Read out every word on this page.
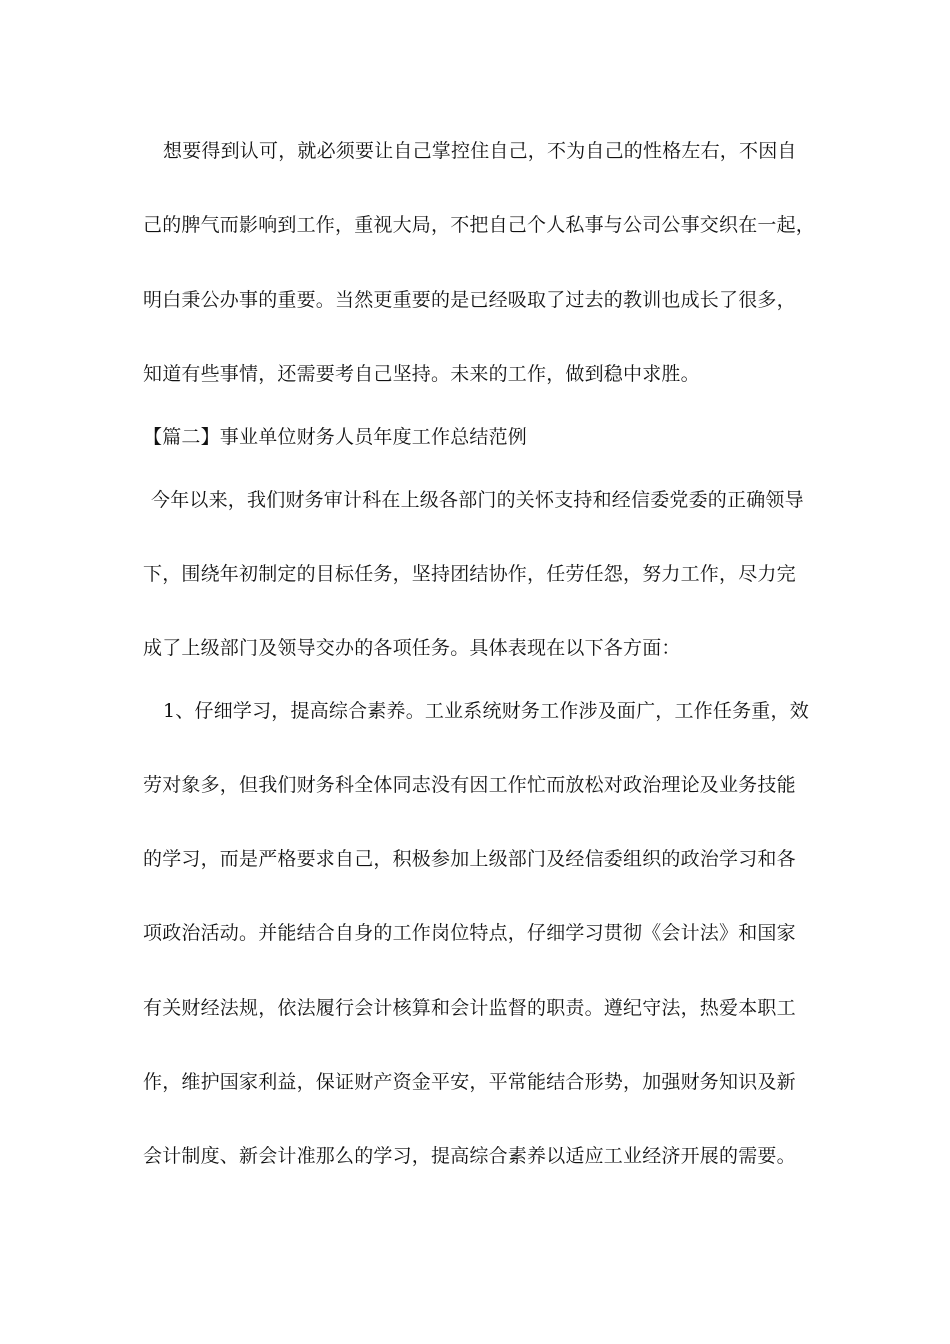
想要得到认可，就必须要让自己掌控住自己，不为自己的性格左右，不因自
己的脾气而影响到工作，重视大局，不把自己个人私事与公司公事交织在一起，
明白秉公办事的重要。当然更重要的是已经吸取了过去的教训也成长了很多，
知道有些事情，还需要考自己坚持。未来的工作，做到稳中求胜。
【篇二】事业单位财务人员年度工作总结范例
今年以来，我们财务审计科在上级各部门的关怀支持和经信委党委的正确领导
下，围绕年初制定的目标任务，坚持团结协作，任劳任怨，努力工作，尽力完
成了上级部门及领导交办的各项任务。具体表现在以下各方面：
1、仔细学习，提高综合素养。工业系统财务工作涉及面广，工作任务重，效
劳对象多，但我们财务科全体同志没有因工作忙而放松对政治理论及业务技能
的学习，而是严格要求自己，积极参加上级部门及经信委组织的政治学习和各
项政治活动。并能结合自身的工作岗位特点，仔细学习贯彻《会计法》和国家
有关财经法规，依法履行会计核算和会计监督的职责。遵纪守法，热爱本职工
作，维护国家利益，保证财产资金平安，平常能结合形势，加强财务知识及新
会计制度、新会计准那么的学习，提高综合素养以适应工业经济开展的需要。
